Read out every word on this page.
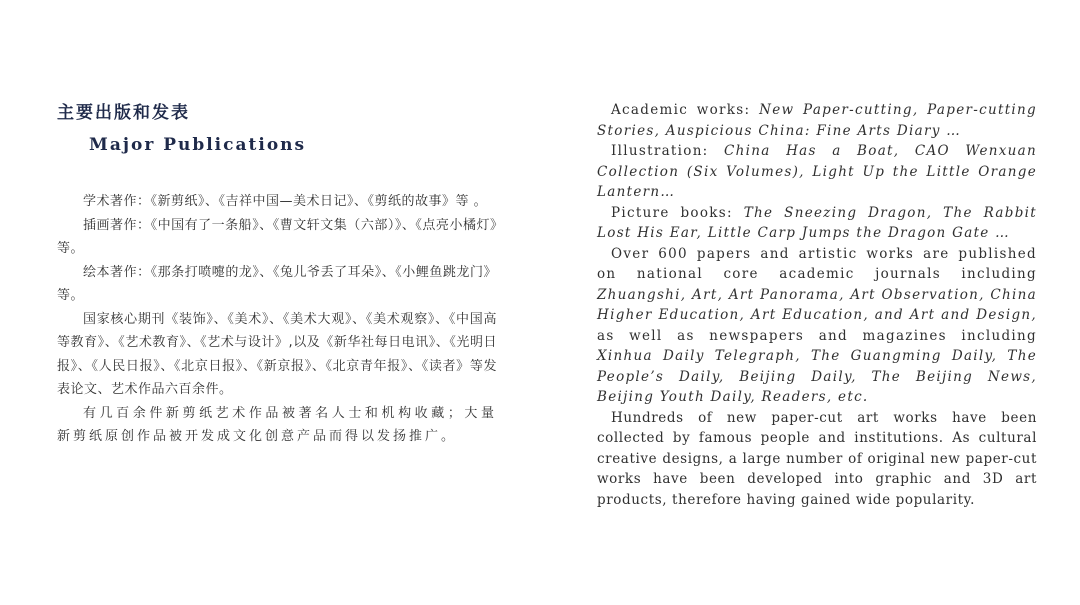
主要出版和发表
Major Publications

学术著作：《新剪纸》、《吉祥中国—美术日记》、《剪纸的故事》等 。

插画著作：《中国有了一条船》、《曹文轩文集（六部）》、《点亮小橘灯》等。

绘本著作：《那条打喷嚏的龙》、《兔儿爷丢了耳朵》、《小鲤鱼跳龙门》等。

国家核心期刊《装饰》、《美术》、《美术大观》、《美术观察》、《中国高等教育》、《艺术教育》、《艺术与设计》,以及《新华社每日电讯》、《光明日报》、《人民日报》、《北京日报》、《新京报》、《北京青年报》、《读者》等发表论文、艺术作品六百余件。

有几百余件新剪纸艺术作品被著名人士和机构收藏；大量新剪纸原创作品被开发成文化创意产品而得以发扬推广。

Academic works: New Paper-cutting, Paper-cutting Stories, Auspicious China: Fine Arts Diary …

Illustration: China Has a Boat, CAO Wenxuan Collection (Six Volumes), Light Up the Little Orange Lantern…

Picture books: The Sneezing Dragon, The Rabbit Lost His Ear, Little Carp Jumps the Dragon Gate …

Over 600 papers and artistic works are published on national core academic journals including Zhuangshi, Art, Art Panorama, Art Observation, China Higher Education, Art Education, and Art and Design, as well as newspapers and magazines including Xinhua Daily Telegraph, The Guangming Daily, The People’s Daily, Beijing Daily, The Beijing News, Beijing Youth Daily, Readers, etc.

Hundreds of new paper-cut art works have been collected by famous people and institutions. As cultural creative designs, a large number of original new paper-cut works have been developed into graphic and 3D art products, therefore having gained wide popularity.
